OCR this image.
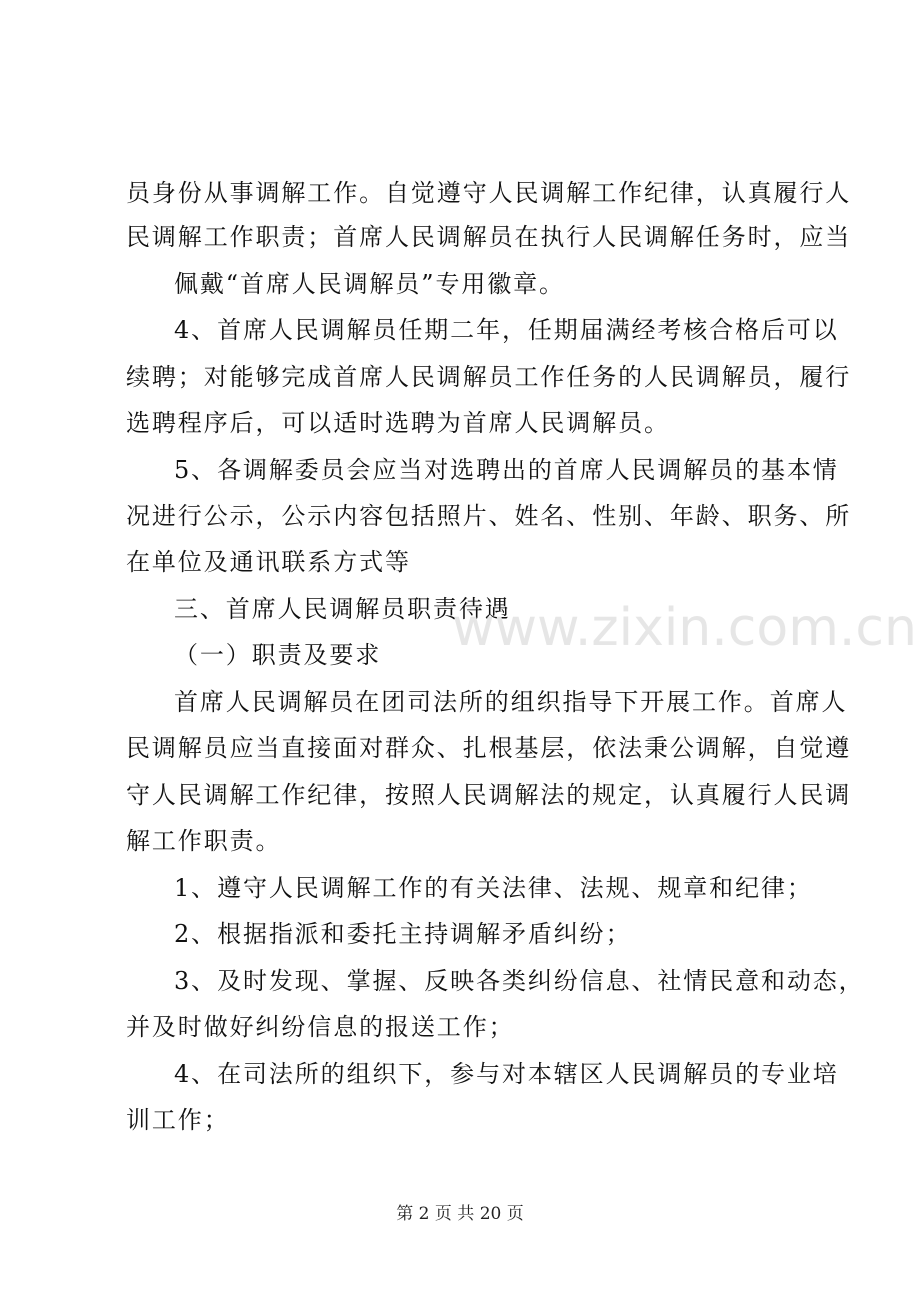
员身份从事调解工作。自觉遵守人民调解工作纪律，认真履行人
民调解工作职责；首席人民调解员在执行人民调解任务时，应当
佩戴“首席人民调解员”专用徽章。
4、首席人民调解员任期二年，任期届满经考核合格后可以
续聘；对能够完成首席人民调解员工作任务的人民调解员，履行
选聘程序后，可以适时选聘为首席人民调解员。
5、各调解委员会应当对选聘出的首席人民调解员的基本情
况进行公示，公示内容包括照片、姓名、性别、年龄、职务、所
在单位及通讯联系方式等
三、首席人民调解员职责待遇
（一）职责及要求
首席人民调解员在团司法所的组织指导下开展工作。首席人
民调解员应当直接面对群众、扎根基层，依法秉公调解，自觉遵
守人民调解工作纪律，按照人民调解法的规定，认真履行人民调
解工作职责。
1、遵守人民调解工作的有关法律、法规、规章和纪律；
2、根据指派和委托主持调解矛盾纠纷；
3、及时发现、掌握、反映各类纠纷信息、社情民意和动态，
并及时做好纠纷信息的报送工作；
4、在司法所的组织下，参与对本辖区人民调解员的专业培
训工作；
www.zixin.com.cn
第 2 页 共 20 页
